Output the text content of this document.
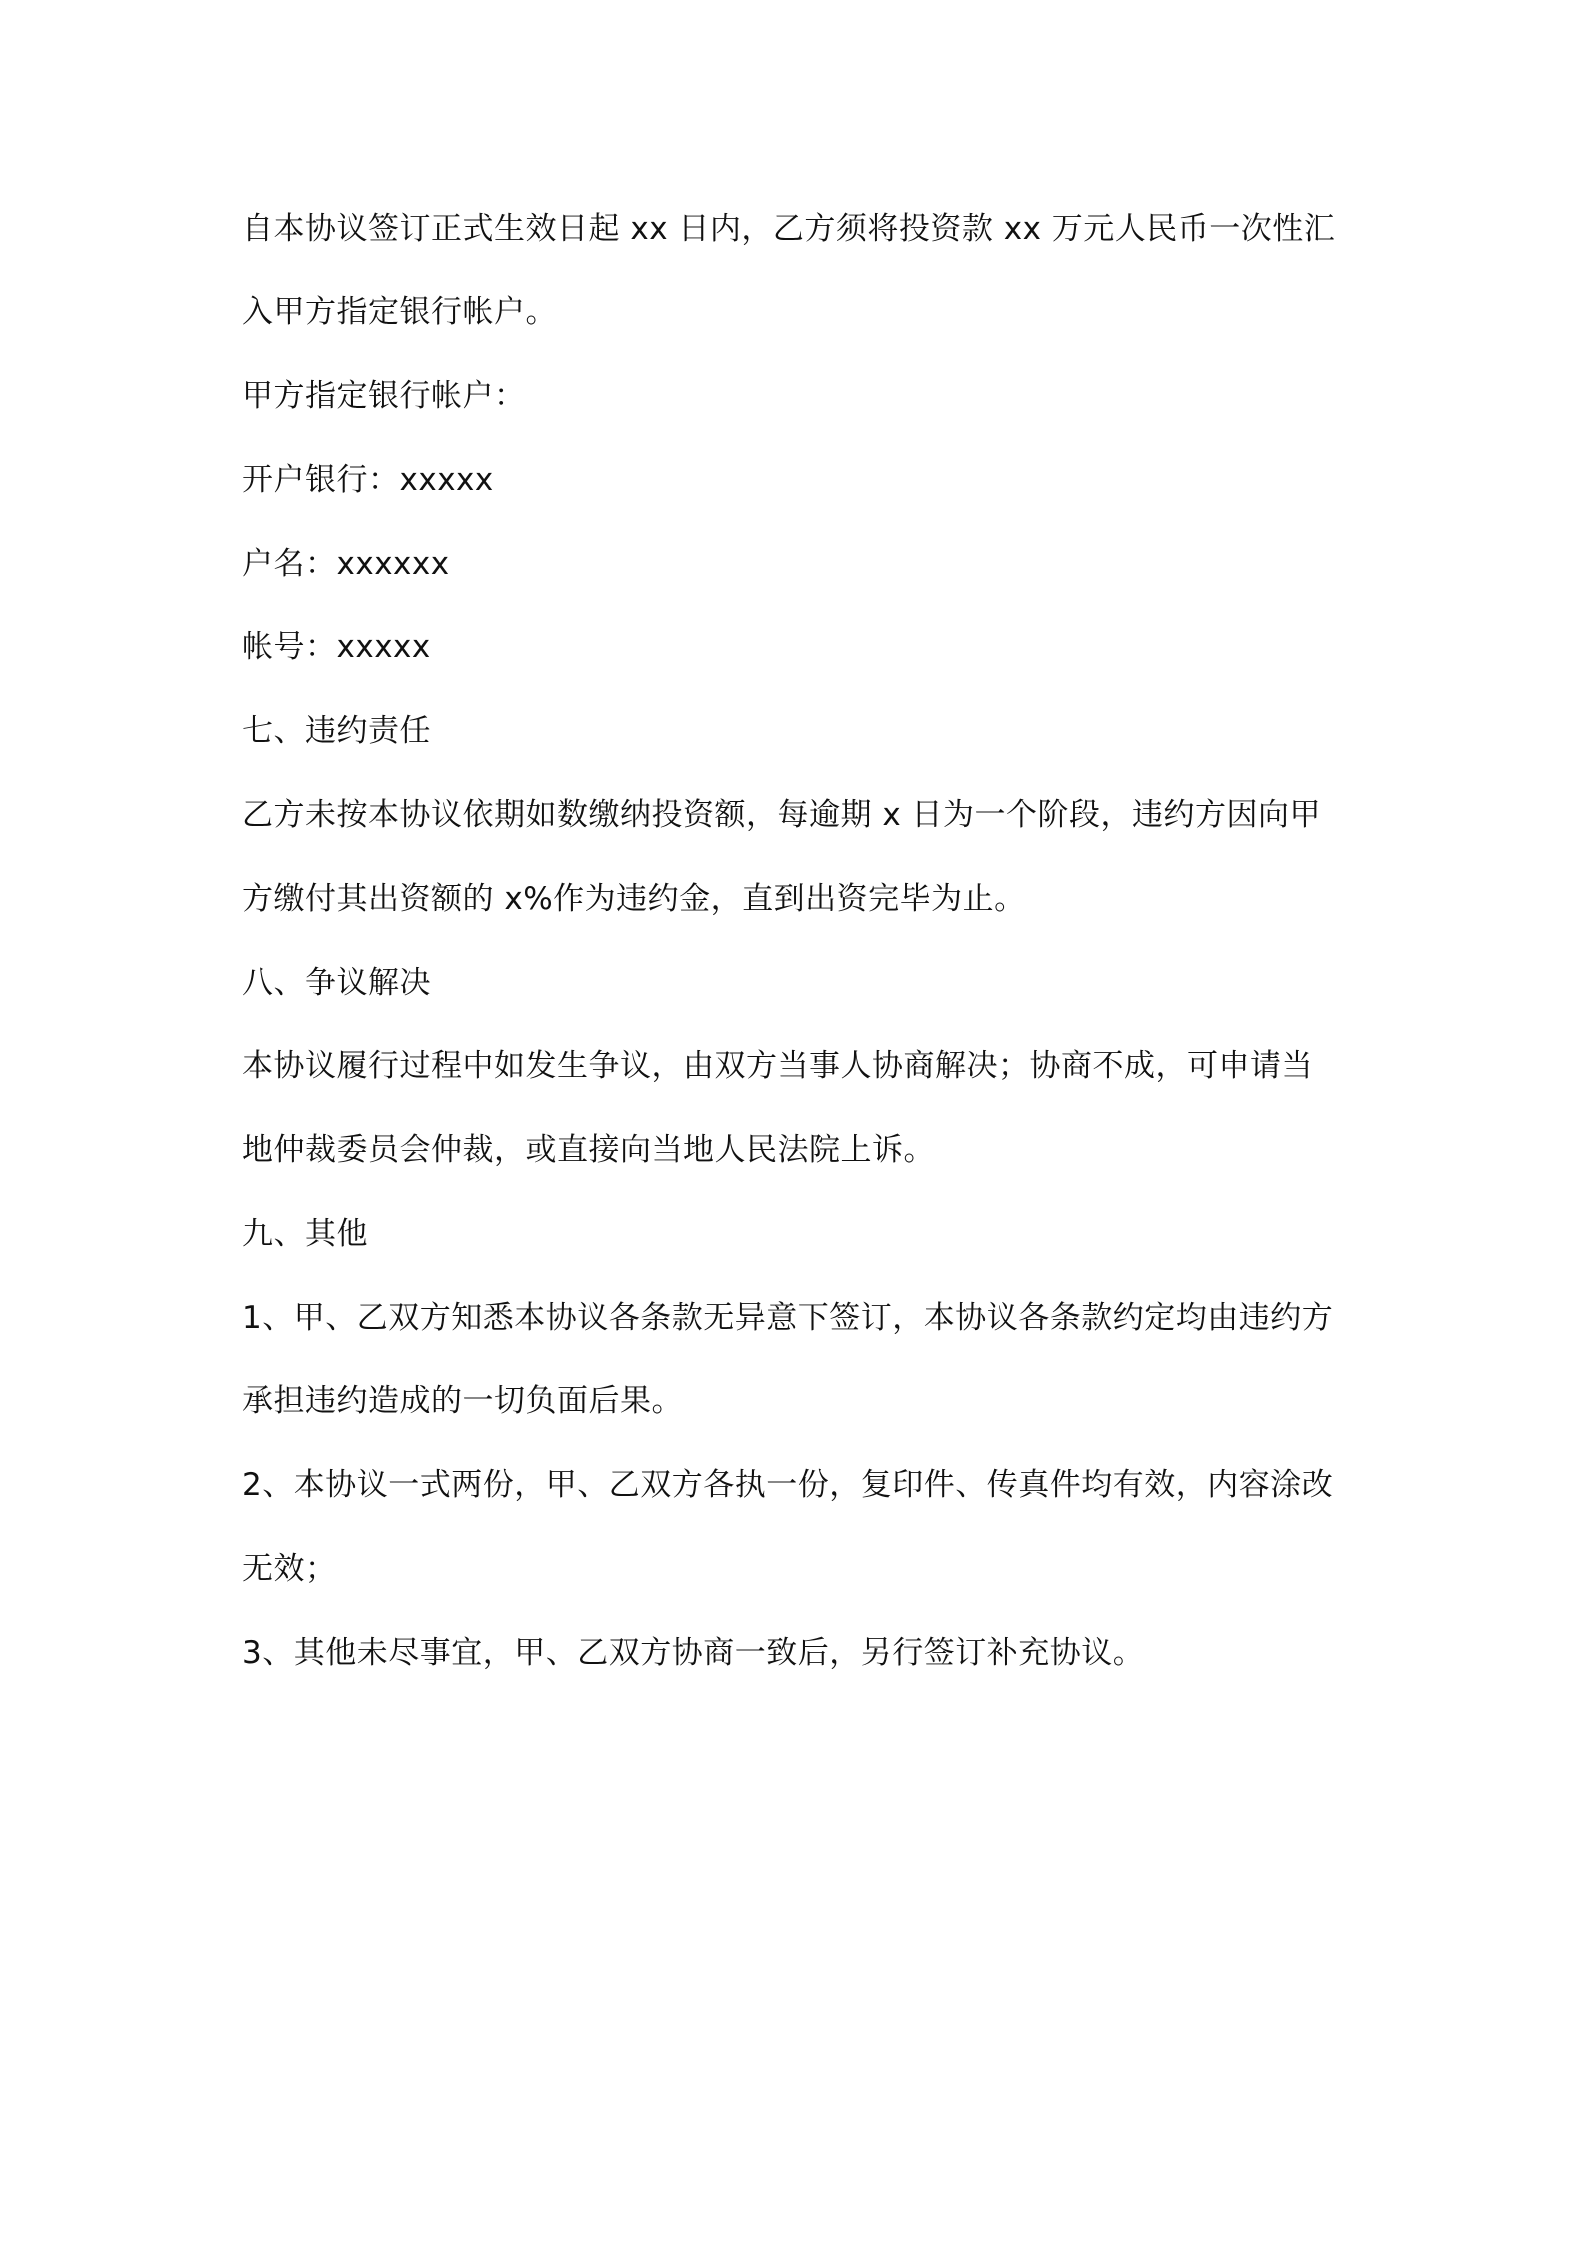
自本协议签订正式生效日起 xx 日内，乙方须将投资款 xx 万元人民币一次性汇
入甲方指定银行帐户。
甲方指定银行帐户：
开户银行：xxxxx
户名：xxxxxx
帐号：xxxxx
七、违约责任
乙方未按本协议依期如数缴纳投资额，每逾期 x 日为一个阶段，违约方因向甲
方缴付其出资额的 x%作为违约金，直到出资完毕为止。
八、争议解决
本协议履行过程中如发生争议，由双方当事人协商解决；协商不成，可申请当
地仲裁委员会仲裁，或直接向当地人民法院上诉。
九、其他
1、甲、乙双方知悉本协议各条款无异意下签订，本协议各条款约定均由违约方
承担违约造成的一切负面后果。
2、本协议一式两份，甲、乙双方各执一份，复印件、传真件均有效，内容涂改
无效；
3、其他未尽事宜，甲、乙双方协商一致后，另行签订补充协议。
